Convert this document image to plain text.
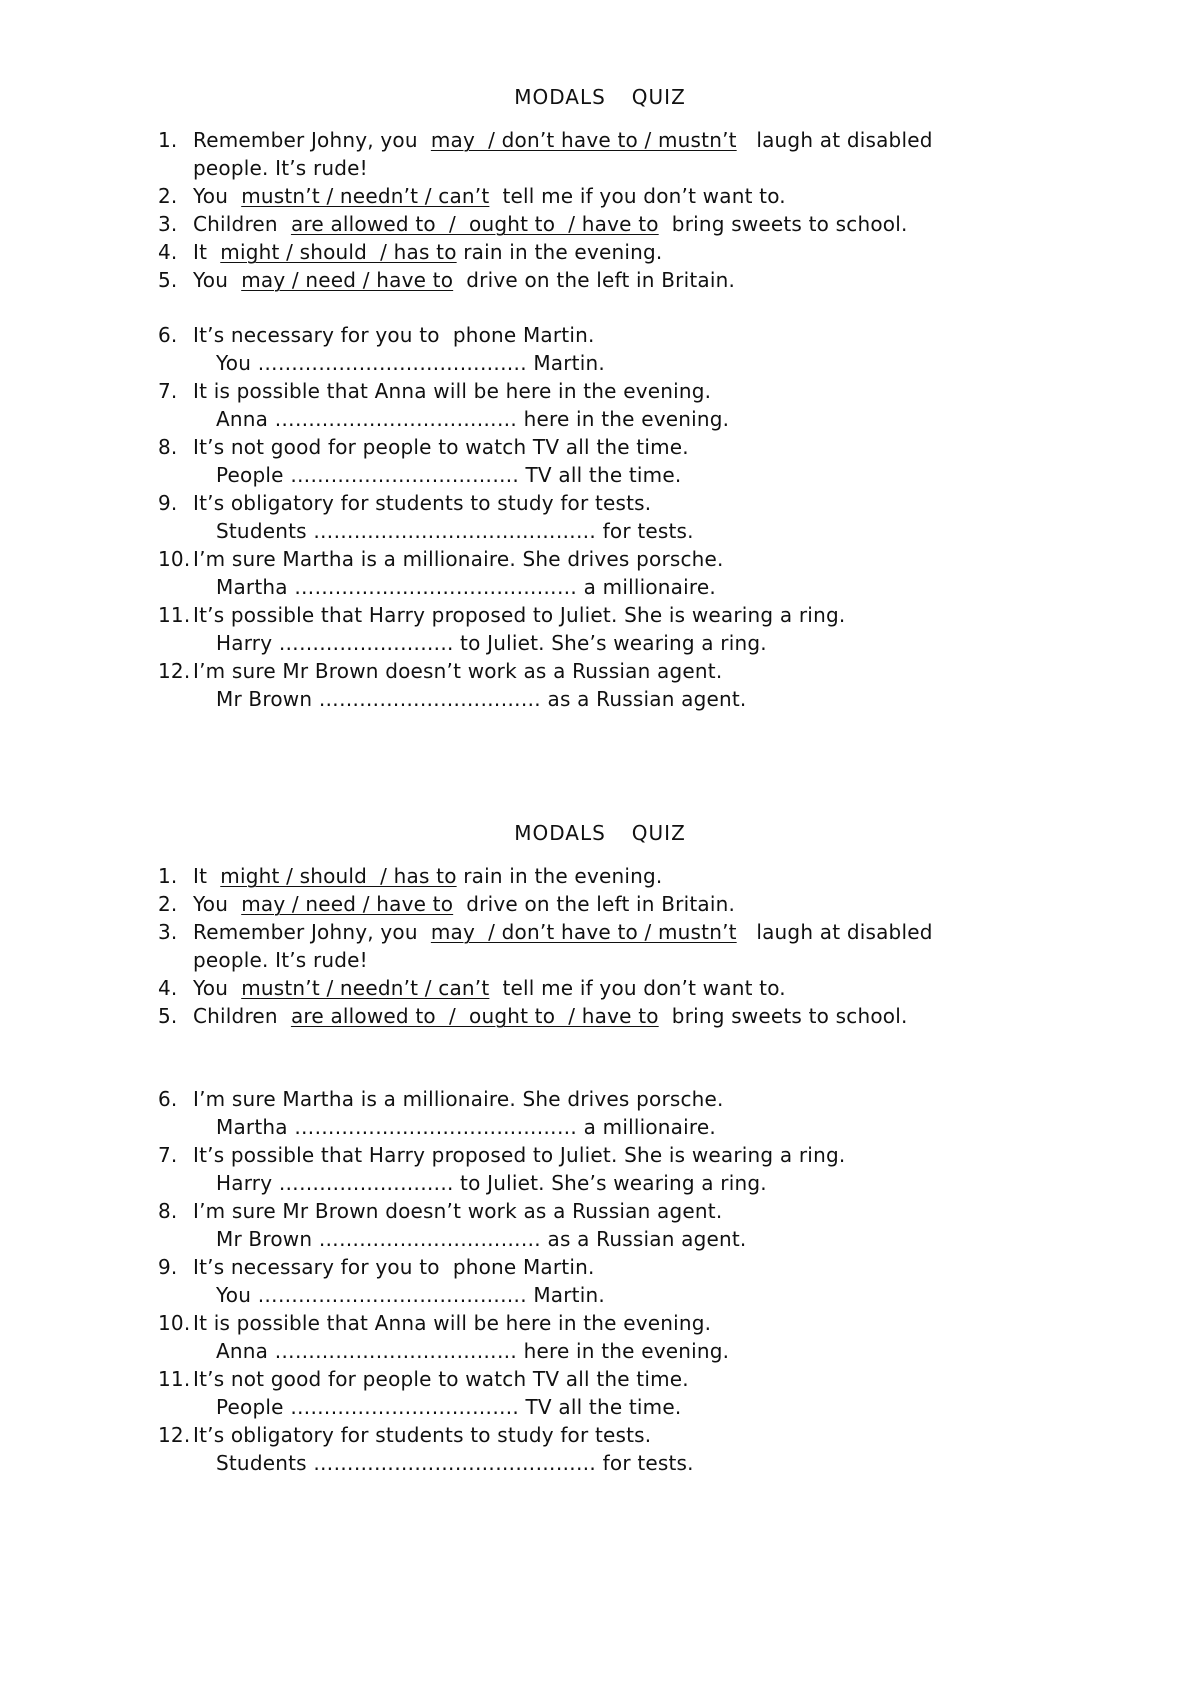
MODALS QUIZ
1. Remember Johny, you  may  / don’t have to / mustn’t   laugh at disabled
people. It’s rude!
2. You  mustn’t / needn’t / can’t  tell me if you don’t want to.
3. Children  are allowed to  /  ought to  / have to  bring sweets to school.
4. It  might / should  / has to rain in the evening.
5. You  may / need / have to  drive on the left in Britain.
6. It’s necessary for you to  phone Martin.
You …………………………………. Martin.
7. It is possible that Anna will be here in the evening.
Anna ……………………………… here in the evening.
8. It’s not good for people to watch TV all the time.
People ……………………………. TV all the time.
9. It’s obligatory for students to study for tests.
Students …………………………………… for tests.
10. I’m sure Martha is a millionaire. She drives porsche.
Martha …………………………………… a millionaire.
11. It’s possible that Harry proposed to Juliet. She is wearing a ring.
Harry …………………….. to Juliet. She’s wearing a ring.
12. I’m sure Mr Brown doesn’t work as a Russian agent.
Mr Brown …………………………… as a Russian agent.
MODALS QUIZ
1. It  might / should  / has to rain in the evening.
2. You  may / need / have to  drive on the left in Britain.
3. Remember Johny, you  may  / don’t have to / mustn’t   laugh at disabled
people. It’s rude!
4. You  mustn’t / needn’t / can’t  tell me if you don’t want to.
5. Children  are allowed to  /  ought to  / have to  bring sweets to school.
6. I’m sure Martha is a millionaire. She drives porsche.
Martha …………………………………… a millionaire.
7. It’s possible that Harry proposed to Juliet. She is wearing a ring.
Harry …………………….. to Juliet. She’s wearing a ring.
8. I’m sure Mr Brown doesn’t work as a Russian agent.
Mr Brown …………………………… as a Russian agent.
9. It’s necessary for you to  phone Martin.
You …………………………………. Martin.
10. It is possible that Anna will be here in the evening.
Anna ……………………………… here in the evening.
11. It’s not good for people to watch TV all the time.
People ……………………………. TV all the time.
12. It’s obligatory for students to study for tests.
Students …………………………………… for tests.
